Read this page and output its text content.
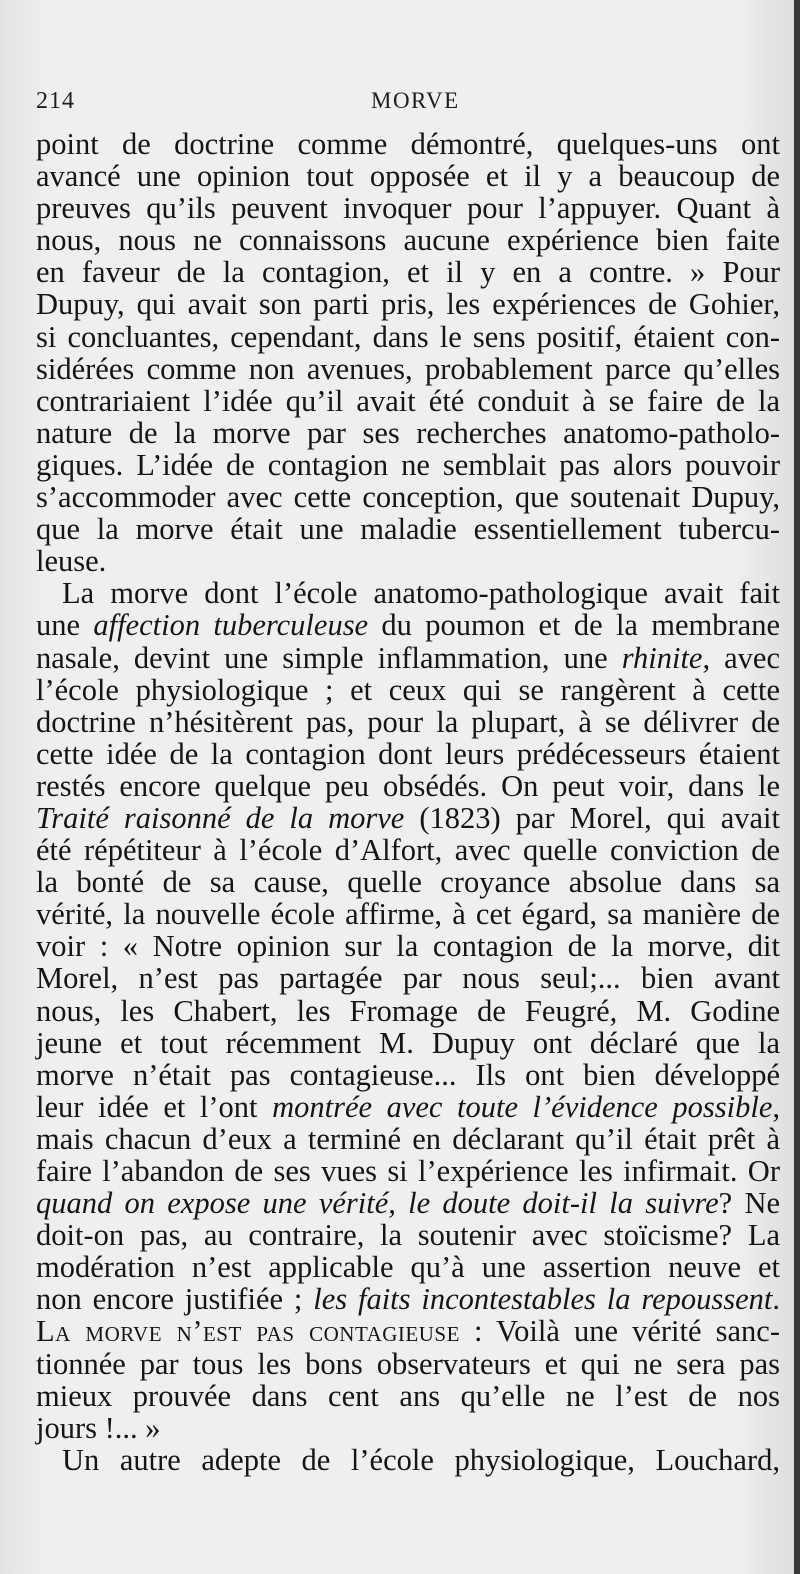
214	MORVE
point de doctrine comme démontré, quelques-uns ont
avancé une opinion tout opposée et il y a beaucoup de
preuves qu’ils peuvent invoquer pour l’appuyer. Quant à
nous, nous ne connaissons aucune expérience bien faite
en faveur de la contagion, et il y en a contre. » Pour
Dupuy, qui avait son parti pris, les expériences de Gohier,
si concluantes, cependant, dans le sens positif, étaient con-
sidérées comme non avenues, probablement parce qu’elles
contrariaient l’idée qu’il avait été conduit à se faire de la
nature de la morve par ses recherches anatomo-patholo-
giques. L’idée de contagion ne semblait pas alors pouvoir
s’accommoder avec cette conception, que soutenait Dupuy,
que la morve était une maladie essentiellement tubercu-
leuse.
La morve dont l’école anatomo-pathologique avait fait
une affection tuberculeuse du poumon et de la membrane
nasale, devint une simple inflammation, une rhinite, avec
l’école physiologique ; et ceux qui se rangèrent à cette
doctrine n’hésitèrent pas, pour la plupart, à se délivrer de
cette idée de la contagion dont leurs prédécesseurs étaient
restés encore quelque peu obsédés. On peut voir, dans le
Traité raisonné de la morve (1823) par Morel, qui avait
été répétiteur à l’école d’Alfort, avec quelle conviction de
la bonté de sa cause, quelle croyance absolue dans sa
vérité, la nouvelle école affirme, à cet égard, sa manière de
voir : « Notre opinion sur la contagion de la morve, dit
Morel, n’est pas partagée par nous seul;... bien avant
nous, les Chabert, les Fromage de Feugré, M. Godine
jeune et tout récemment M. Dupuy ont déclaré que la
morve n’était pas contagieuse... Ils ont bien développé
leur idée et l’ont montrée avec toute l’évidence possible,
mais chacun d’eux a terminé en déclarant qu’il était prêt à
faire l’abandon de ses vues si l’expérience les infirmait. Or
quand on expose une vérité, le doute doit-il la suivre? Ne
doit-on pas, au contraire, la soutenir avec stoïcisme? La
modération n’est applicable qu’à une assertion neuve et
non encore justifiée ; les faits incontestables la repoussent.
La morve n’est pas contagieuse : Voilà une vérité sanc-
tionnée par tous les bons observateurs et qui ne sera pas
mieux prouvée dans cent ans qu’elle ne l’est de nos
jours !... »
Un autre adepte de l’école physiologique, Louchard,
